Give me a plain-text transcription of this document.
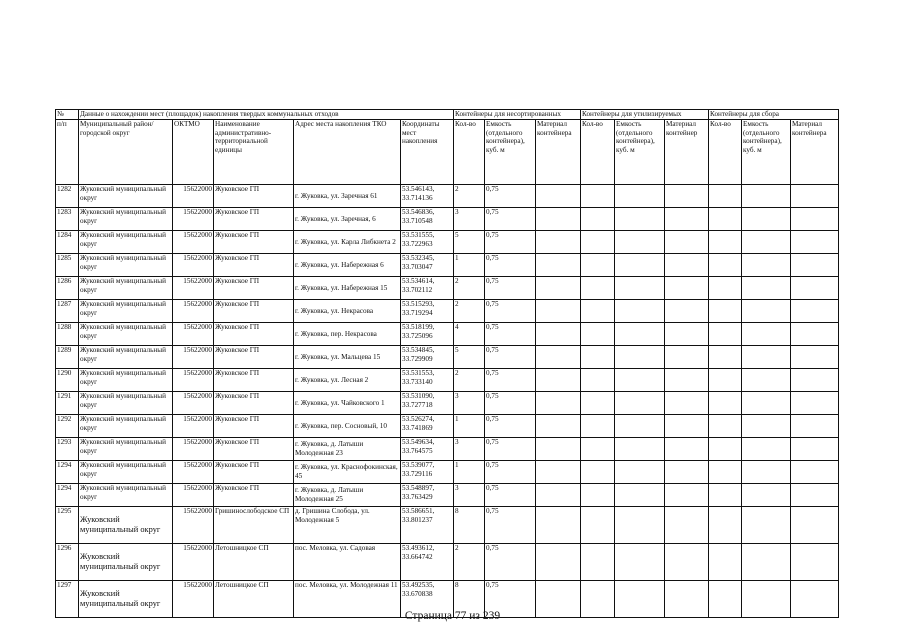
№	Данные о нахождении мест (площадок) накопления твердых коммунальных отходов					Контейнеры для несортированных			Контейнеры для утилизируемых			Контейнеры для сбора		
п/п	Муниципальный район/городской округ	ОКТМО	Наименование административно-территориальной единицы	Адрес места накопления ТКО	Координаты мест накопления	Кол-во	Емкость (отдельного контейнера), куб. м	Материал контейнера	Кол-во	Емкость (отдельного контейнера), куб. м	Материал контейнер	Кол-во	Емкость (отдельного контейнера), куб. м	Материал контейнера
1282	Жуковский муниципальный округ	15622000	Жуковское ГП	г. Жуковка, ул. Заречная 61	53.546143, 33.714136	2	0,75							
1283	Жуковский муниципальный округ	15622000	Жуковское ГП	г. Жуковка, ул. Заречная, 6	53.546836, 33.710548	3	0,75							
1284	Жуковский муниципальный округ	15622000	Жуковское ГП	г. Жуковка, ул. Карла Либкнета 2	53.531555, 33.722963	5	0,75							
1285	Жуковский муниципальный округ	15622000	Жуковское ГП	г. Жуковка, ул. Набережная 6	53.532345, 33.703047	1	0,75							
1286	Жуковский муниципальный округ	15622000	Жуковское ГП	г. Жуковка, ул. Набережная 15	53.534614, 33.702112	2	0,75							
1287	Жуковский муниципальный округ	15622000	Жуковское ГП	г. Жуковка, ул. Некрасова	53.515293, 33.719294	2	0,75							
1288	Жуковский муниципальный округ	15622000	Жуковское ГП	г. Жуковка, пер. Некрасова	53.518199, 33.725096	4	0,75							
1289	Жуковский муниципальный округ	15622000	Жуковское ГП	г. Жуковка, ул. Мальцева 15	53.534845, 33.729909	5	0,75							
1290	Жуковский муниципальный округ	15622000	Жуковское ГП	г. Жуковка, ул. Лесная 2	53.531553, 33.733140	2	0,75							
1291	Жуковский муниципальный округ	15622000	Жуковское ГП	г. Жуковка, ул. Чайковского 1	53.531090, 33.727718	3	0,75							
1292	Жуковский муниципальный округ	15622000	Жуковское ГП	г. Жуковка, пер. Сосновый, 10	53.526274, 33.741869	1	0,75							
1293	Жуковский муниципальный округ	15622000	Жуковское ГП	г. Жуковка, д. Латыши Молодежная 23	53.549634, 33.764575	3	0,75							
1294	Жуковский муниципальный округ	15622000	Жуковское ГП	г. Жуковка, ул. Краснофокинская, 45	53.539077, 33.729116	1	0,75							
1294	Жуковский муниципальный округ	15622000	Жуковское ГП	г. Жуковка, д. Латыши Молодежная 25	53.548897, 33.763429	3	0,75							
1295	Жуковский муниципальный округ	15622000	Гришинослободское СП	д. Гришина Слобода, ул. Молодежная 5	53.586651, 33.801237	8	0,75							
1296	Жуковский муниципальный округ	15622000	Летошницкое СП	пос. Меловка, ул. Садовая	53.493612, 33.664742	2	0,75							
1297	Жуковский муниципальный округ	15622000	Летошницкое СП	пос. Меловка, ул. Молодежная 11	53.492535, 33.670838	8	0,75							
Страница 77 из 239
